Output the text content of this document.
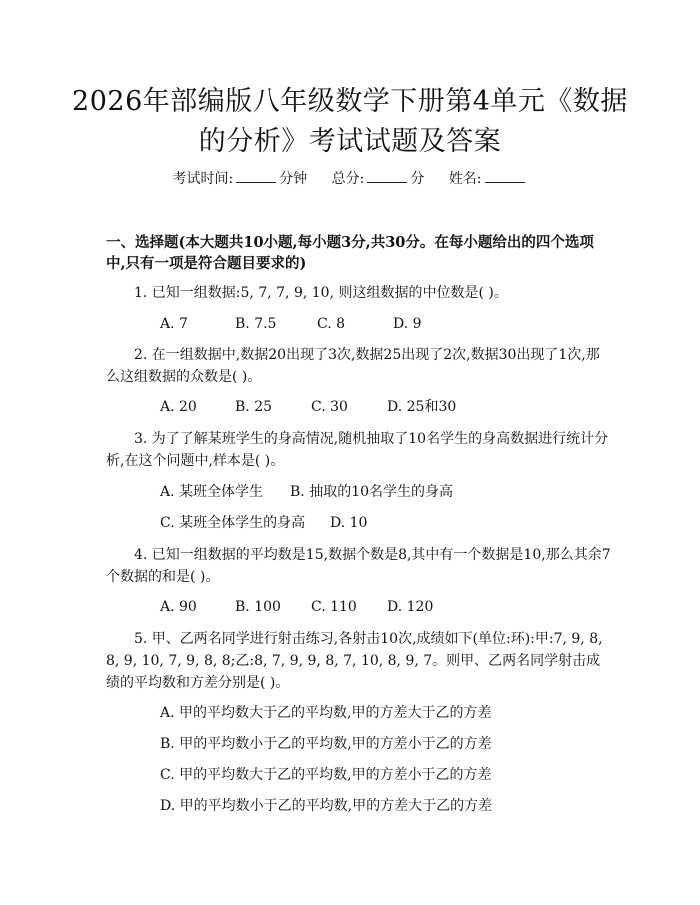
2026年部编版八年级数学下册第4单元《数据的分析》考试试题及答案
考试时间:	分钟 总分:	分 姓名:
一、选择题(本大题共10小题,每小题3分,共30分。在每小题给出的四个选项中,只有一项是符合题目要求的)
1. 已知一组数据:5, 7, 7, 9, 10, 则这组数据的中位数是( )。
A. 7	B. 7.5	C. 8	D. 9
2. 在一组数据中,数据20出现了3次,数据25出现了2次,数据30出现了1次,那么这组数据的众数是( )。
A. 20	B. 25	C. 30	D. 25和30
3. 为了了解某班学生的身高情况,随机抽取了10名学生的身高数据进行统计分析,在这个问题中,样本是( )。
A. 某班全体学生 B. 抽取的10名学生的身高
C. 某班全体学生的身高 D. 10
4. 已知一组数据的平均数是15,数据个数是8,其中有一个数据是10,那么其余7个数据的和是( )。
A. 90	B. 100 C. 110 D. 120
5. 甲、乙两名同学进行射击练习,各射击10次,成绩如下(单位:环):甲:7, 9, 8, 8, 9, 10, 7, 9, 8, 8;乙:8, 7, 9, 9, 8, 7, 10, 8, 9, 7。则甲、乙两名同学射击成绩的平均数和方差分别是( )。
A. 甲的平均数大于乙的平均数,甲的方差大于乙的方差
B. 甲的平均数小于乙的平均数,甲的方差小于乙的方差
C. 甲的平均数大于乙的平均数,甲的方差小于乙的方差
D. 甲的平均数小于乙的平均数,甲的方差大于乙的方差
